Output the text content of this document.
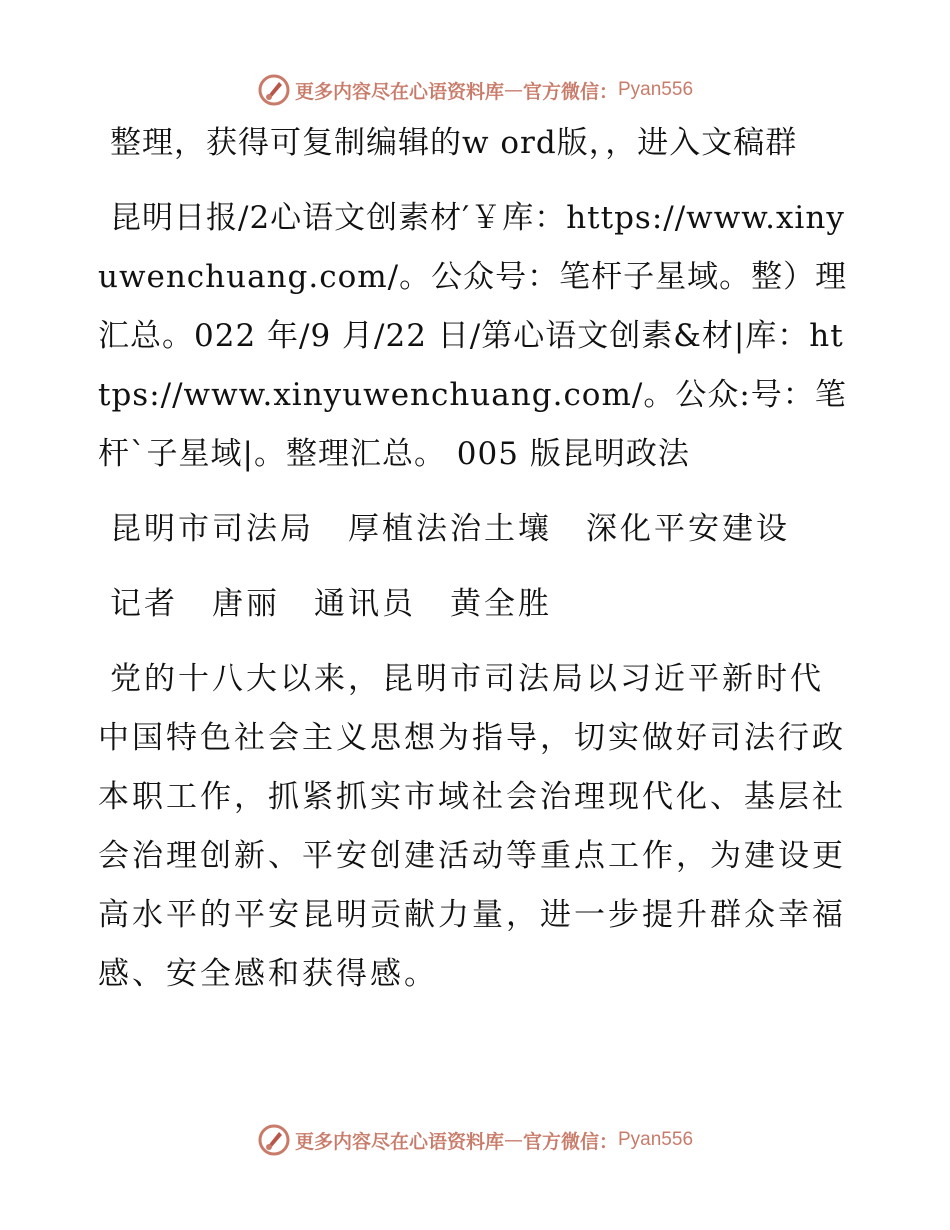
更多内容尽在心语资料库 — 官方微信： Pyan556

整理，获得可复制编辑的w ord版，，进入文稿群

昆明日报/2心语文创素材′￥库：https://www.xinyuwenchuang.com/。公众号：笔杆子星域。整）理汇总。022 年/9 月/22 日/第心语文创素&材|库：https://www.xinyuwenchuang.com/。公众:号：笔杆`子星域|。整理汇总。 005 版昆明政法

昆明市司法局　厚植法治土壤　深化平安建设

记者　唐丽　通讯员　黄全胜

党的十八大以来，昆明市司法局以习近平新时代中国特色社会主义思想为指导，切实做好司法行政本职工作，抓紧抓实市域社会治理现代化、基层社会治理创新、平安创建活动等重点工作，为建设更高水平的平安昆明贡献力量，进一步提升群众幸福感、安全感和获得感。

更多内容尽在心语资料库 — 官方微信： Pyan556
